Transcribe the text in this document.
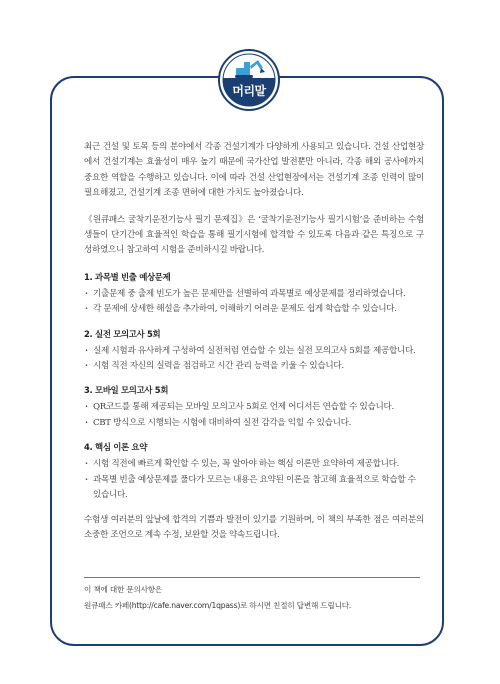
머리말

최근 건설 및 토목 등의 분야에서 각종 건설기계가 다양하게 사용되고 있습니다. 건설 산업현장에서 건설기계는 효율성이 매우 높기 때문에 국가산업 발전뿐만 아니라, 각종 해외 공사에까지 중요한 역할을 수행하고 있습니다. 이에 따라 건설 산업현장에서는 건설기계 조종 인력이 많이 필요해졌고, 건설기계 조종 면허에 대한 가치도 높아졌습니다.

《원큐패스 굴착기운전기능사 필기 문제집》은 ‘굴착기운전기능사 필기시험’을 준비하는 수험생들이 단기간에 효율적인 학습을 통해 필기시험에 합격할 수 있도록 다음과 같은 특징으로 구성하였으니 참고하여 시험을 준비하시길 바랍니다.

1. 과목별 빈출 예상문제
· 기출문제 중 출제 빈도가 높은 문제만을 선별하여 과목별로 예상문제를 정리하였습니다.
· 각 문제에 상세한 해설을 추가하여, 이해하기 어려운 문제도 쉽게 학습할 수 있습니다.
2. 실전 모의고사 5회
· 실제 시험과 유사하게 구성하여 실전처럼 연습할 수 있는 실전 모의고사 5회를 제공합니다.
· 시험 직전 자신의 실력을 점검하고 시간 관리 능력을 키울 수 있습니다.
3. 모바일 모의고사 5회
· QR코드를 통해 제공되는 모바일 모의고사 5회로 언제 어디서든 연습할 수 있습니다.
· CBT 방식으로 시행되는 시험에 대비하여 실전 감각을 익힐 수 있습니다.
4. 핵심 이론 요약
· 시험 직전에 빠르게 확인할 수 있는, 꼭 알아야 하는 핵심 이론만 요약하여 제공합니다.
· 과목별 빈출 예상문제를 풀다가 모르는 내용은 요약된 이론을 참고해 효율적으로 학습할 수 있습니다.

수험생 여러분의 앞날에 합격의 기쁨과 발전이 있기를 기원하며, 이 책의 부족한 점은 여러분의 소중한 조언으로 계속 수정, 보완할 것을 약속드립니다.

이 책에 대한 문의사항은
원큐패스 카페(http://cafe.naver.com/1qpass)로 하시면 친절히 답변해 드립니다.
